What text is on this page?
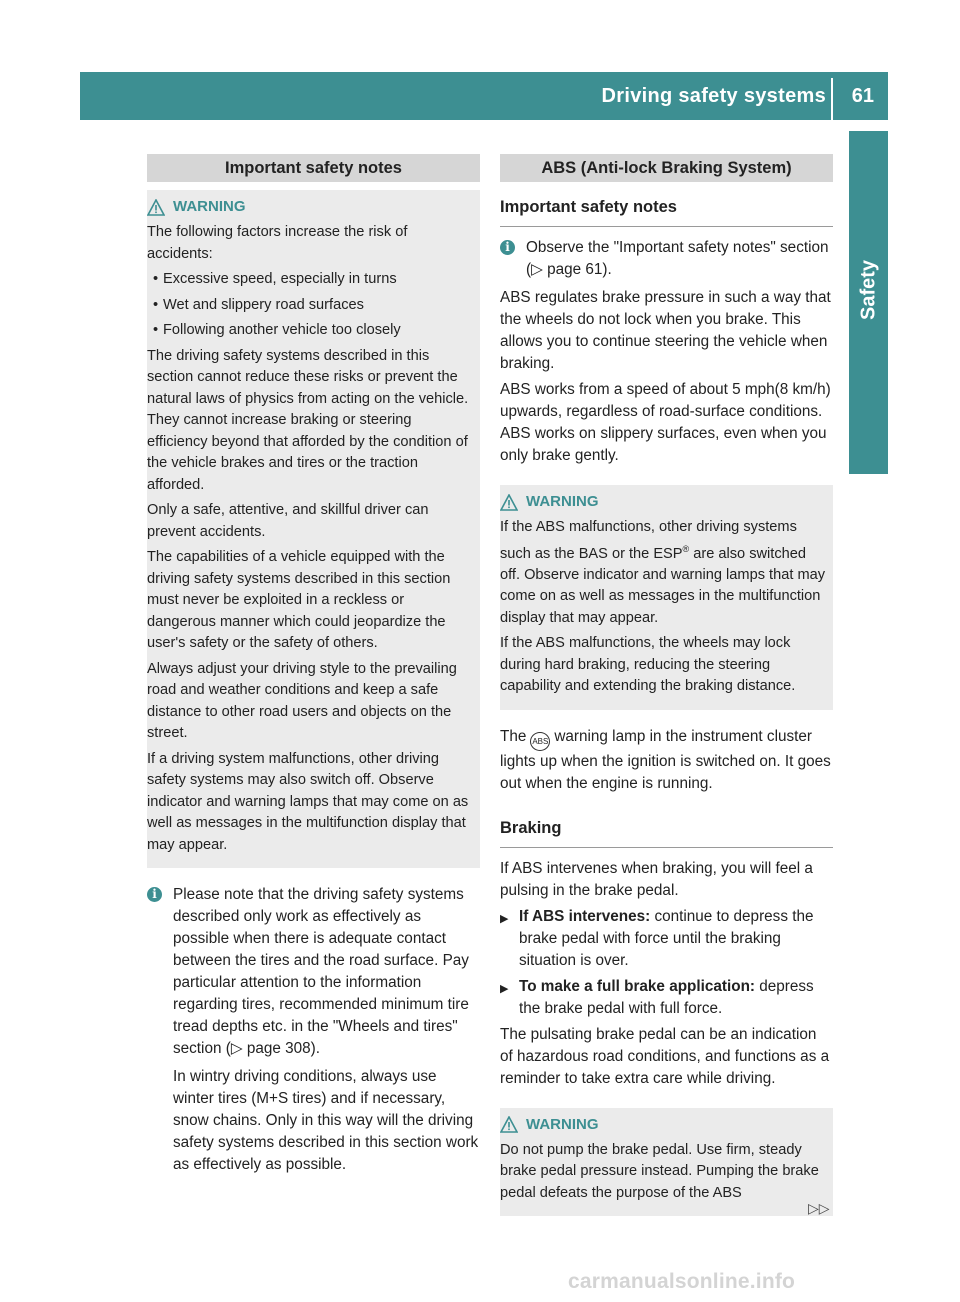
Driving safety systems 61
Safety
Important safety notes
WARNING

The following factors increase the risk of accidents:

• Excessive speed, especially in turns
• Wet and slippery road surfaces
• Following another vehicle too closely

The driving safety systems described in this section cannot reduce these risks or prevent the natural laws of physics from acting on the vehicle. They cannot increase braking or steering efficiency beyond that afforded by the condition of the vehicle brakes and tires or the traction afforded.

Only a safe, attentive, and skillful driver can prevent accidents.

The capabilities of a vehicle equipped with the driving safety systems described in this section must never be exploited in a reckless or dangerous manner which could jeopardize the user's safety or the safety of others.

Always adjust your driving style to the prevailing road and weather conditions and keep a safe distance to other road users and objects on the street.

If a driving system malfunctions, other driving safety systems may also switch off. Observe indicator and warning lamps that may come on as well as messages in the multifunction display that may appear.

i	Please note that the driving safety systems described only work as effectively as possible when there is adequate contact between the tires and the road surface. Pay particular attention to the information regarding tires, recommended minimum tire tread depths etc. in the "Wheels and tires" section (▷ page 308).

In wintry driving conditions, always use winter tires (M+S tires) and if necessary, snow chains. Only in this way will the driving safety systems described in this section work as effectively as possible.

ABS (Anti-lock Braking System)
Important safety notes
i	Observe the "Important safety notes" section (▷ page 61).

ABS regulates brake pressure in such a way that the wheels do not lock when you brake. This allows you to continue steering the vehicle when braking.

ABS works from a speed of about 5 mph(8 km/h) upwards, regardless of road-surface conditions. ABS works on slippery surfaces, even when you only brake gently.

WARNING

If the ABS malfunctions, other driving systems such as the BAS or the ESP® are also switched off. Observe indicator and warning lamps that may come on as well as messages in the multifunction display that may appear.

If the ABS malfunctions, the wheels may lock during hard braking, reducing the steering capability and extending the braking distance.

The ABS warning lamp in the instrument cluster lights up when the ignition is switched on. It goes out when the engine is running.

Braking

If ABS intervenes when braking, you will feel a pulsing in the brake pedal.

▶ If ABS intervenes: continue to depress the brake pedal with force until the braking situation is over.
▶ To make a full brake application: depress the brake pedal with full force.

The pulsating brake pedal can be an indication of hazardous road conditions, and functions as a reminder to take extra care while driving.

WARNING

Do not pump the brake pedal. Use firm, steady brake pedal pressure instead. Pumping the brake pedal defeats the purpose of the ABS

▷▷
carmanualsonline.info
